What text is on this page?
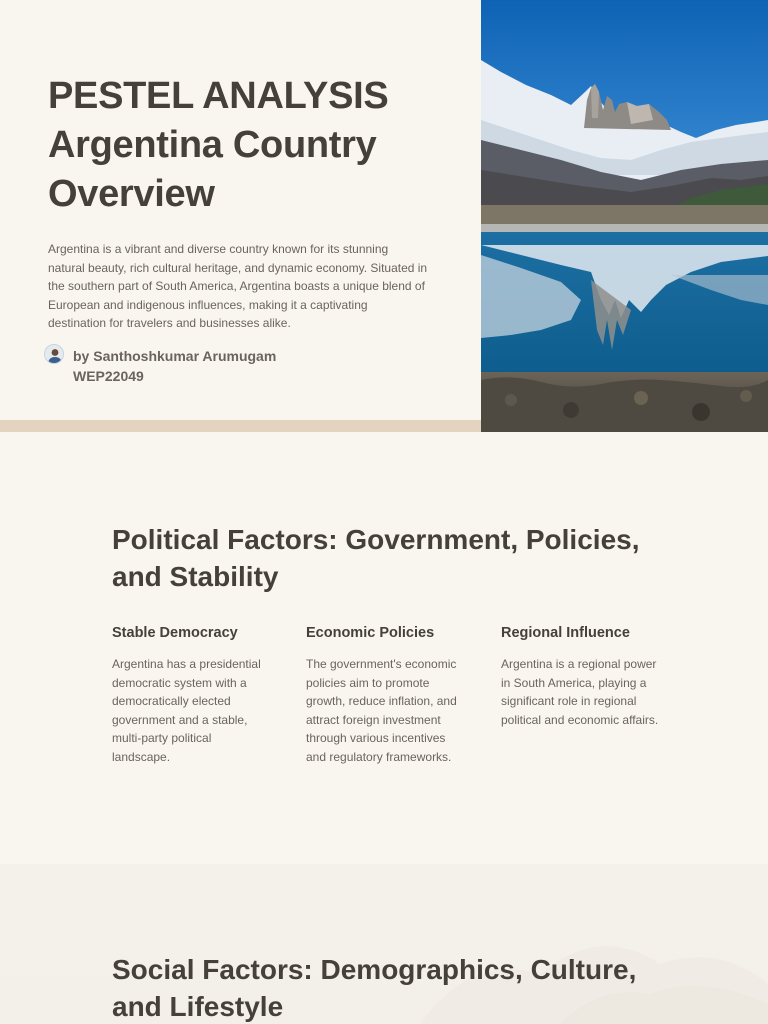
PESTEL ANALYSIS
Argentina Country
Overview

Argentina is a vibrant and diverse country known for its stunning natural beauty, rich cultural heritage, and dynamic economy. Situated in the southern part of South America, Argentina boasts a unique blend of European and indigenous influences, making it a captivating destination for travelers and businesses alike.

by Santhoshkumar Arumugam
WEP22049
Political Factors: Government, Policies, and Stability
Stable Democracy

Argentina has a presidential democratic system with a democratically elected government and a stable, multi-party political landscape.

Economic Policies

The government's economic policies aim to promote growth, reduce inflation, and attract foreign investment through various incentives and regulatory frameworks.

Regional Influence

Argentina is a regional power in South America, playing a significant role in regional political and economic affairs.

Social Factors: Demographics, Culture, and Lifestyle
